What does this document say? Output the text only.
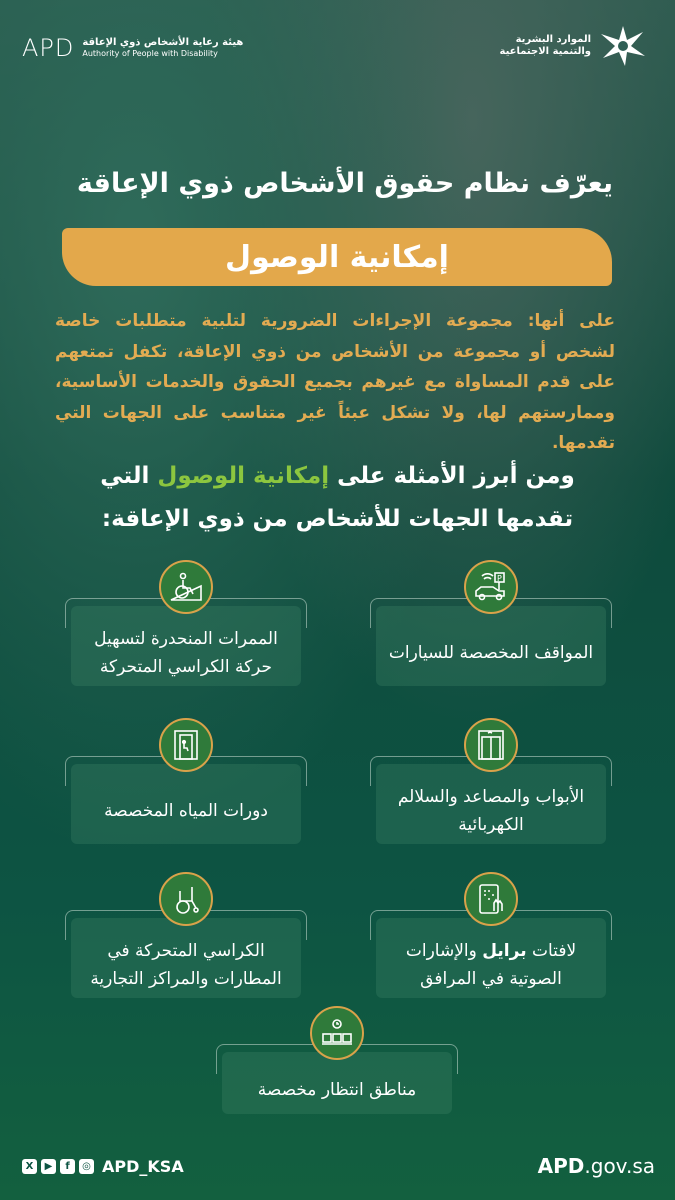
APD هيئة رعاية الأشخاص ذوي الإعاقة
Authority of People with Disability
الموارد البشرية
والتنمية الاجتماعية
يعرّف نظام حقوق الأشخاص ذوي الإعاقة
إمكانية الوصول
على أنها: مجموعة الإجراءات الضرورية لتلبية متطلبات خاصة لشخص أو مجموعة من الأشخاص من ذوي الإعاقة، تكفل تمتعهم على قدم المساواة مع غيرهم بجميع الحقوق والخدمات الأساسية، وممارستهم لها، ولا تشكل عبئاً غير متناسب على الجهات التي تقدمها.
ومن أبرز الأمثلة على إمكانية الوصول التي تقدمها الجهات للأشخاص من ذوي الإعاقة:
P
المواقف المخصصة للسيارات
الممرات المنحدرة لتسهيل حركة الكراسي المتحركة
الأبواب والمصاعد والسلالم الكهربائية
دورات المياه المخصصة
لافتات برايل والإشارات الصوتية في المرافق
الكراسي المتحركة في المطارات والمراكز التجارية
مناطق انتظار مخصصة
X	▶	f	◎ APD_KSA	APD.gov.sa
